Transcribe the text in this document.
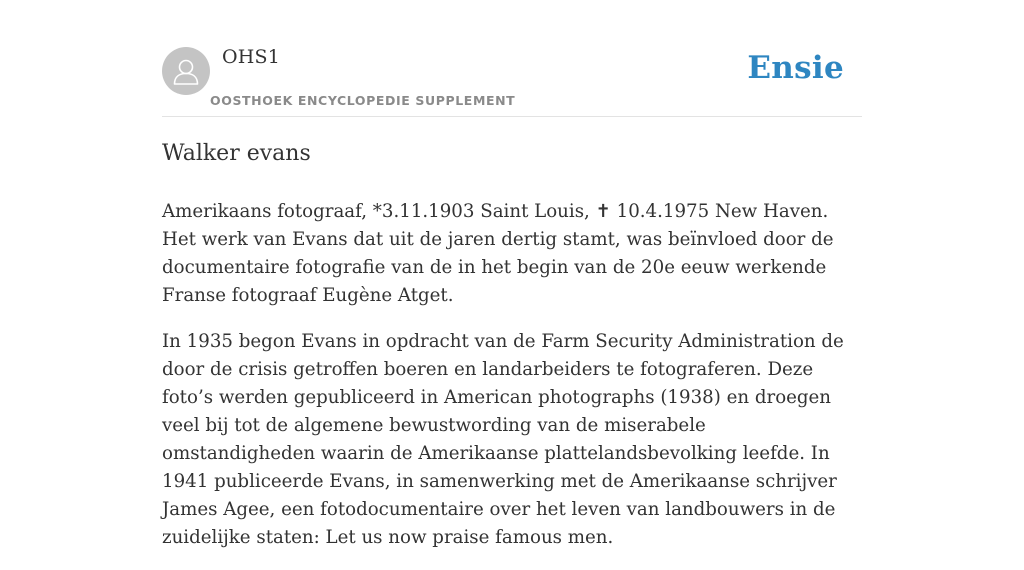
OHS1
OOSTHOEK ENCYCLOPEDIE SUPPLEMENT
Ensie
Walker evans

Amerikaans fotograaf, *3.11.1903 Saint Louis, ✝ 10.4.1975 New Haven. Het werk van Evans dat uit de jaren dertig stamt, was beïnvloed door de documentaire fotografie van de in het begin van de 20e eeuw werkende Franse fotograaf Eugène Atget.

In 1935 begon Evans in opdracht van de Farm Security Administration de door de crisis getroffen boeren en landarbeiders te fotograferen. Deze foto’s werden gepubliceerd in American photographs (1938) en droegen veel bij tot de algemene bewustwording van de miserabele omstandigheden waarin de Amerikaanse plattelandsbevolking leefde. In 1941 publiceerde Evans, in samenwerking met de Amerikaanse schrijver James Agee, een fotodocumentaire over het leven van landbouwers in de zuidelijke staten: Let us now praise famous men.
